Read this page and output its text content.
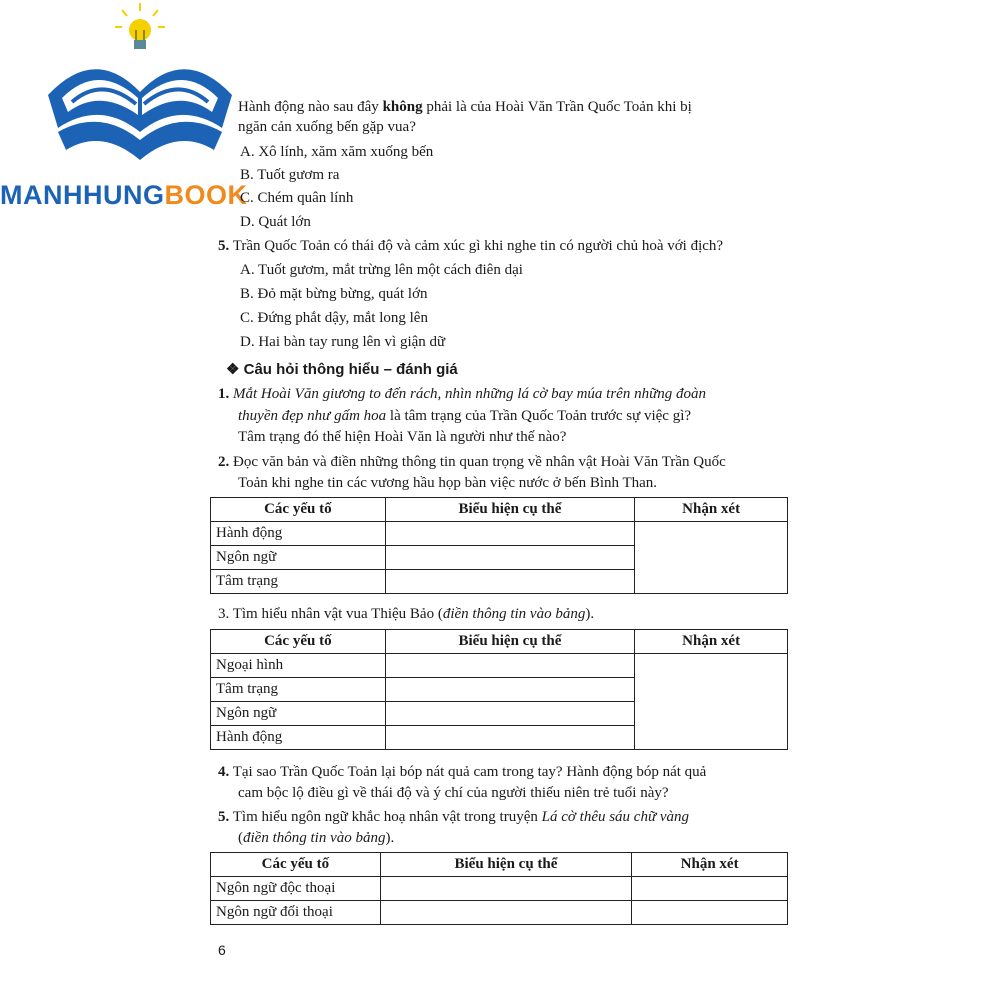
MANHHUNGBOOK
Hành động nào sau đây không phải là của Hoài Văn Trần Quốc Toản khi bị
ngăn cản xuống bến gặp vua?
A. Xô lính, xăm xăm xuống bến
B. Tuốt gươm ra
C. Chém quân lính
D. Quát lớn
5. Trần Quốc Toản có thái độ và cảm xúc gì khi nghe tin có người chủ hoà với địch?
A. Tuốt gươm, mắt trừng lên một cách điên dại
B. Đỏ mặt bừng bừng, quát lớn
C. Đứng phắt dậy, mắt long lên
D. Hai bàn tay rung lên vì giận dữ
❖ Câu hỏi thông hiểu – đánh giá
1. Mắt Hoài Văn giương to đến rách, nhìn những lá cờ bay múa trên những đoàn
thuyền đẹp như gấm hoa là tâm trạng của Trần Quốc Toản trước sự việc gì?
Tâm trạng đó thể hiện Hoài Văn là người như thế nào?
2. Đọc văn bản và điền những thông tin quan trọng về nhân vật Hoài Văn Trần Quốc
Toản khi nghe tin các vương hầu họp bàn việc nước ở bến Bình Than.
Các yếu tố	Biểu hiện cụ thể	Nhận xét
Hành động		
Ngôn ngữ		
Tâm trạng		
3. Tìm hiểu nhân vật vua Thiệu Bảo (điền thông tin vào bảng).
Các yếu tố	Biểu hiện cụ thể	Nhận xét
Ngoại hình		
Tâm trạng		
Ngôn ngữ		
Hành động		
4. Tại sao Trần Quốc Toản lại bóp nát quả cam trong tay? Hành động bóp nát quả
cam bộc lộ điều gì về thái độ và ý chí của người thiếu niên trẻ tuổi này?
5. Tìm hiểu ngôn ngữ khắc hoạ nhân vật trong truyện Lá cờ thêu sáu chữ vàng
(điền thông tin vào bảng).
Các yếu tố	Biểu hiện cụ thể	Nhận xét
Ngôn ngữ độc thoại		
Ngôn ngữ đối thoại		
6
